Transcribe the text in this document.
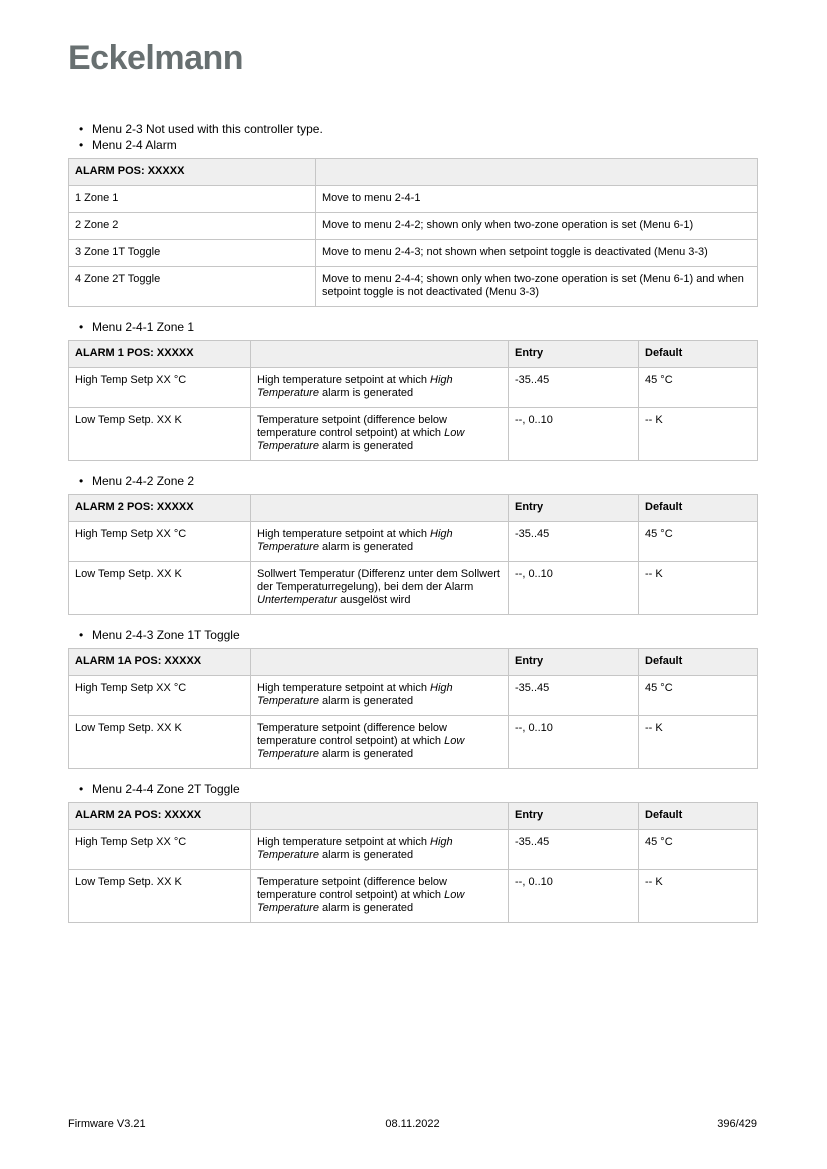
Eckelmann
• Menu 2-3 Not used with this controller type.
• Menu 2-4 Alarm
ALARM POS: XXXXX	
1 Zone 1	Move to menu 2-4-1
2 Zone 2	Move to menu 2-4-2; shown only when two-zone operation is set (Menu 6-1)
3 Zone 1T Toggle	Move to menu 2-4-3; not shown when setpoint toggle is deactivated (Menu 3-3)
4 Zone 2T Toggle	Move to menu 2-4-4; shown only when two-zone operation is set (Menu 6-1) and when setpoint toggle is not deactivated (Menu 3-3)
• Menu 2-4-1 Zone 1
ALARM 1 POS: XXXXX		Entry	Default
High Temp Setp XX °C	High temperature setpoint at which High Temperature alarm is generated	-35..45	45 °C
Low Temp Setp. XX K	Temperature setpoint (difference below temperature control setpoint) at which Low Temperature alarm is generated	--, 0..10	-- K
• Menu 2-4-2 Zone 2
ALARM 2 POS: XXXXX		Entry	Default
High Temp Setp XX °C	High temperature setpoint at which High Temperature alarm is generated	-35..45	45 °C
Low Temp Setp. XX K	Sollwert Temperatur (Differenz unter dem Sollwert der Temperaturregelung), bei dem der Alarm Untertemperatur ausgelöst wird	--, 0..10	-- K
• Menu 2-4-3 Zone 1T Toggle
ALARM 1A POS: XXXXX		Entry	Default
High Temp Setp XX °C	High temperature setpoint at which High Temperature alarm is generated	-35..45	45 °C
Low Temp Setp. XX K	Temperature setpoint (difference below temperature control setpoint) at which Low Temperature alarm is generated	--, 0..10	-- K
• Menu 2-4-4 Zone 2T Toggle
ALARM 2A POS: XXXXX		Entry	Default
High Temp Setp XX °C	High temperature setpoint at which High Temperature alarm is generated	-35..45	45 °C
Low Temp Setp. XX K	Temperature setpoint (difference below temperature control setpoint) at which Low Temperature alarm is generated	--, 0..10	-- K
Firmware V3.21	08.11.2022	396/429
